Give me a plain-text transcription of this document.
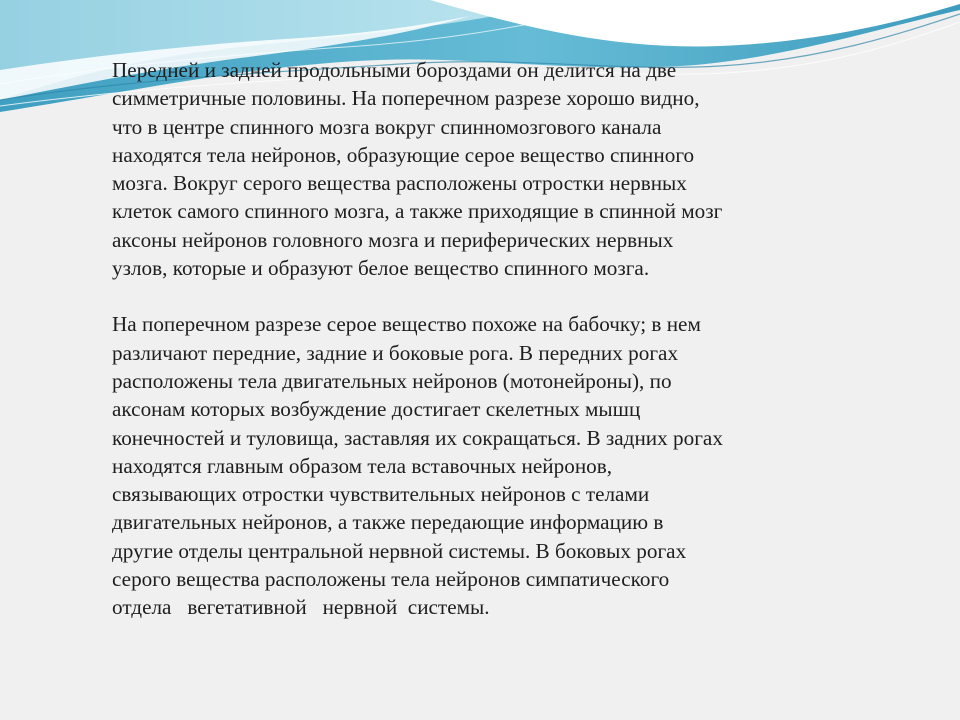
Передней и задней продольными бороздами он делится на две
симметричные половины. На поперечном разрезе хорошо видно,
что в центре спинного мозга вокруг спинномозгового канала
находятся тела нейронов, образующие серое вещество спинного
мозга. Вокруг серого вещества расположены отростки нервных
клеток самого спинного мозга, а также приходящие в спинной мозг
аксоны нейронов головного мозга и периферических нервных
узлов, которые и образуют белое вещество спинного мозга.
На поперечном разрезе серое вещество похоже на бабочку; в нем
различают передние, задние и боковые рога. В передних рогах
расположены тела двигательных нейронов (мотонейроны), по
аксонам которых возбуждение достигает скелетных мышц
конечностей и туловища, заставляя их сокращаться. В задних рогах
находятся главным образом тела вставочных нейронов,
связывающих отростки чувствительных нейронов с телами
двигательных нейронов, а также передающие информацию в
другие отделы центральной нервной системы. В боковых рогах
серого вещества расположены тела нейронов симпатического
отдела   вегетативной   нервной  системы.
